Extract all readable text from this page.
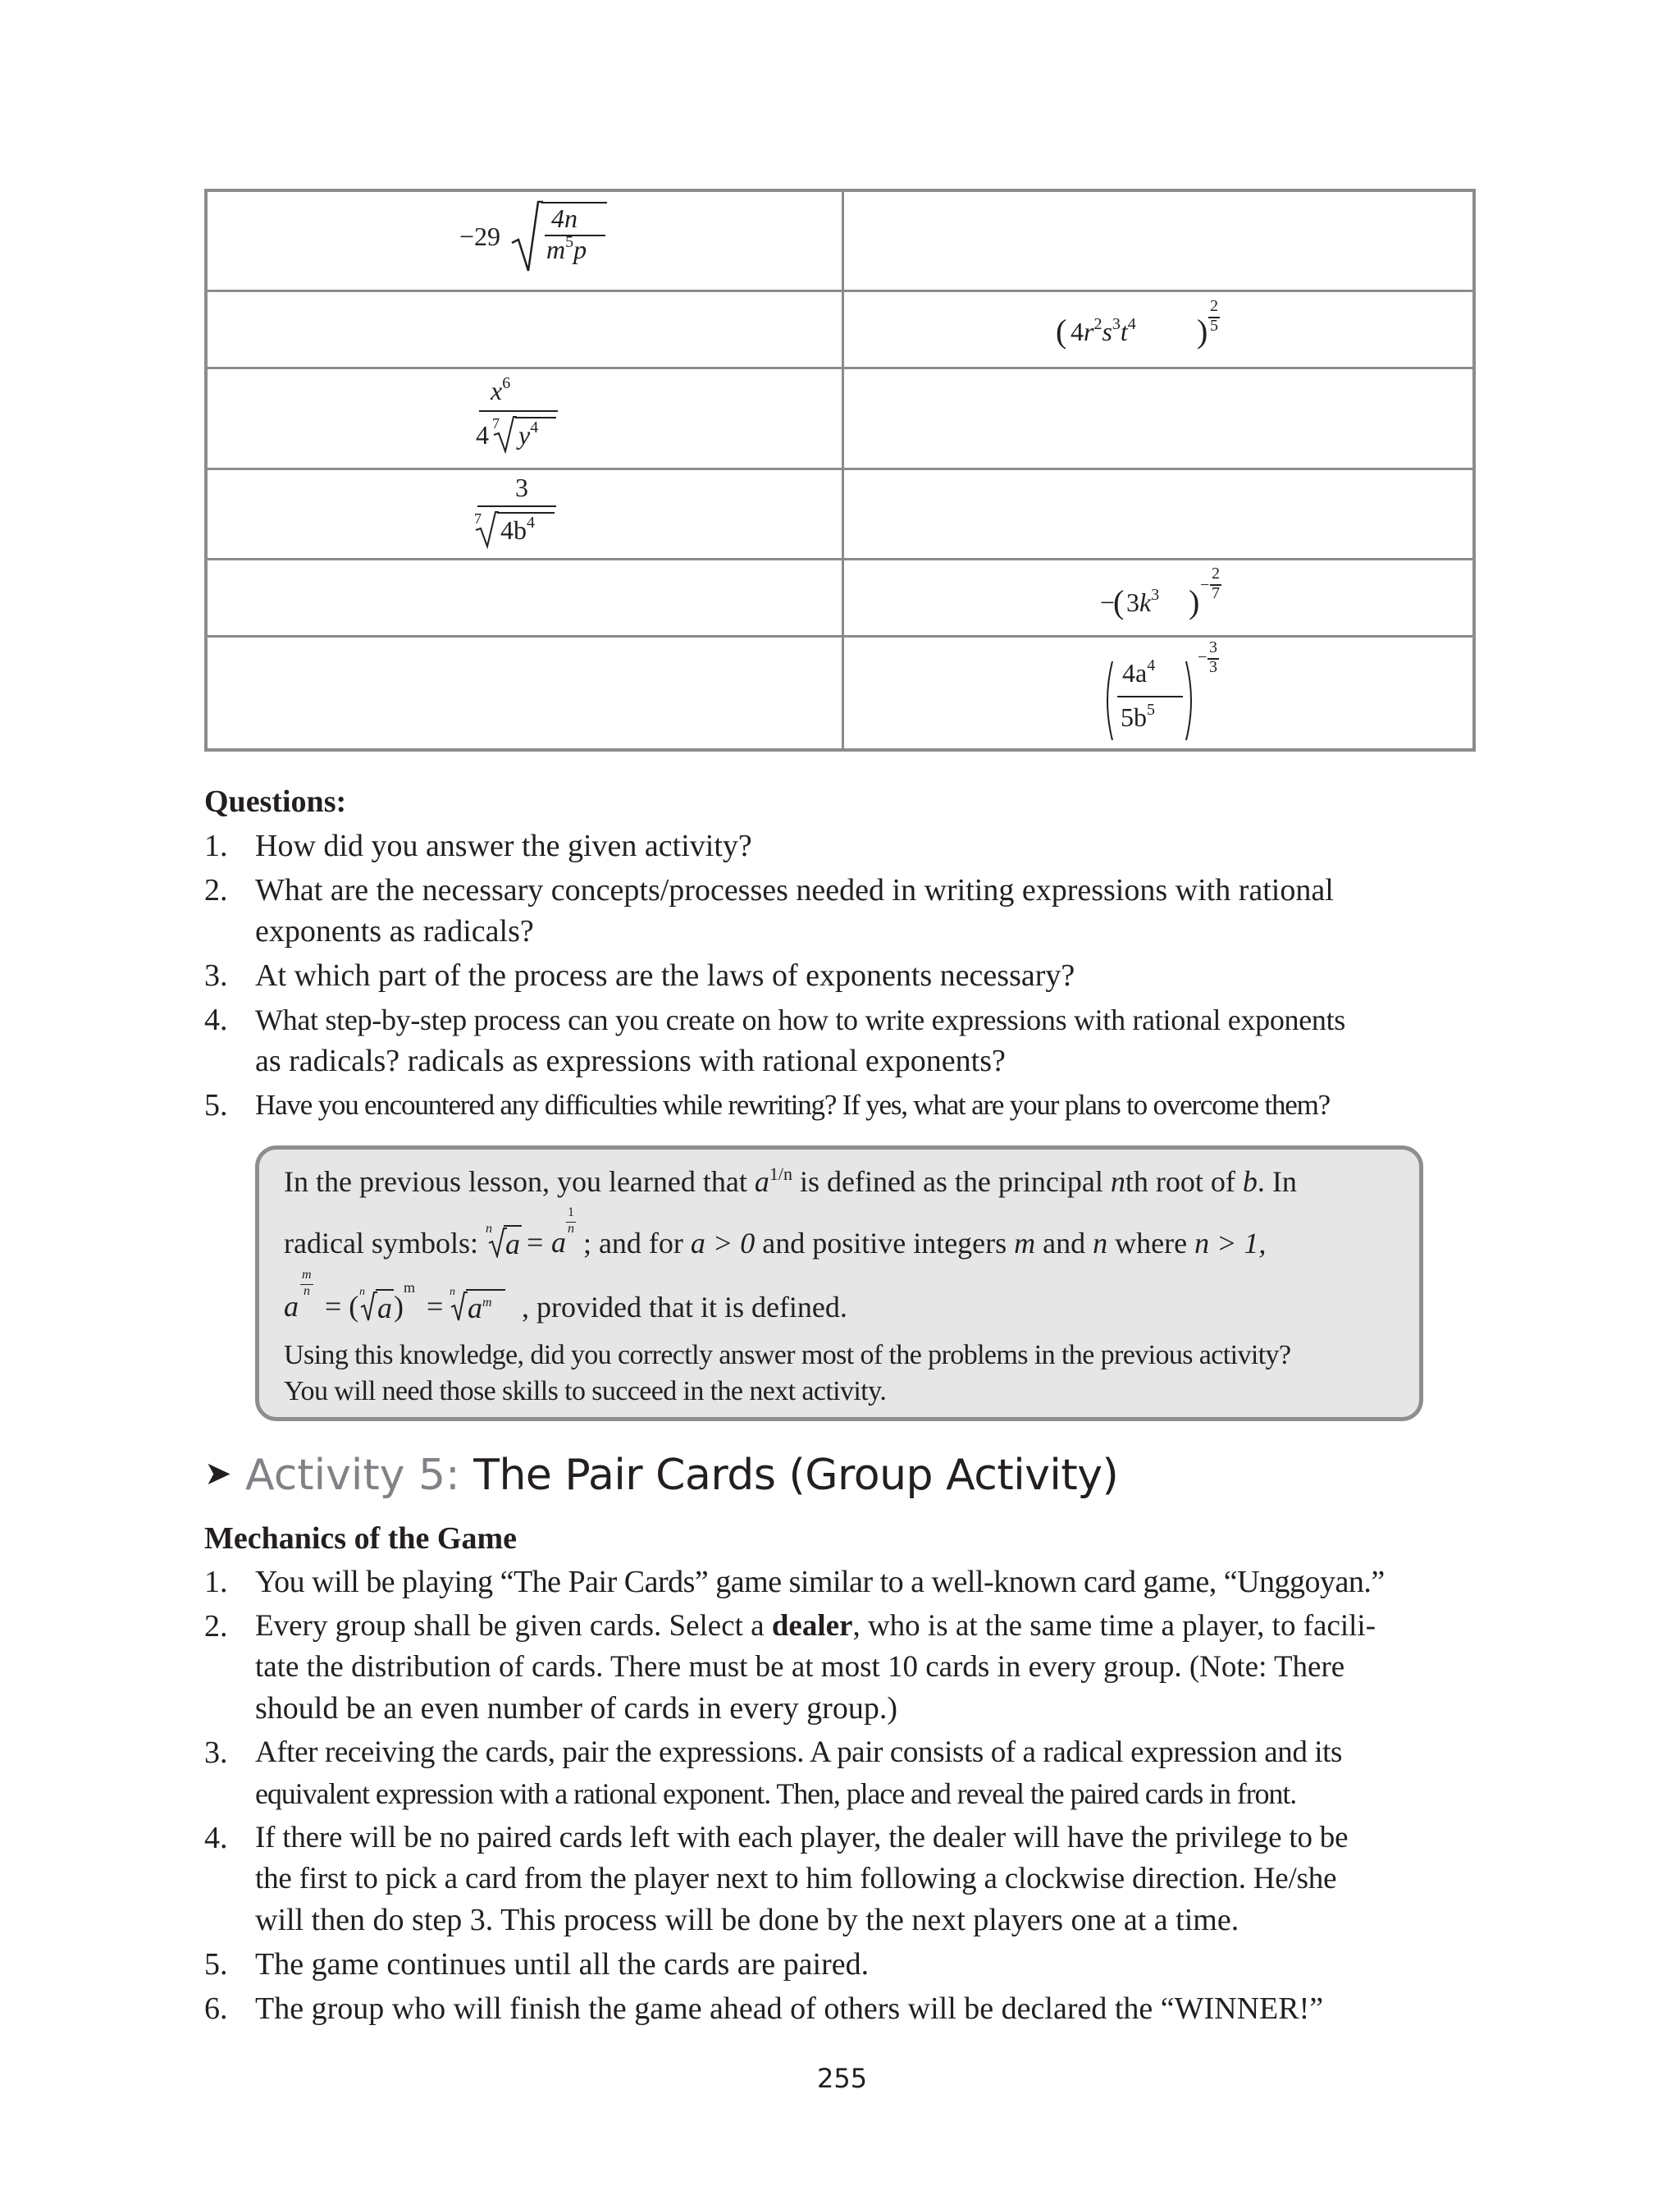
−29
4n
$m^5p$
( $4r^2s^3t^4$ )
2
5
$x^6$
4 7 $y^4$
3
7 $4b^4$
−
( $3k^3$ ) −
2
7
$4a^4$
$5b^5$
−
3
3
Questions:
1. How did you answer the given activity?
2. What are the necessary concepts/processes needed in writing expressions with rational
exponents as radicals?
3. At which part of the process are the laws of exponents necessary?
4. What step-by-step process can you create on how to write expressions with rational exponents
as radicals? radicals as expressions with rational exponents?
5. Have you encountered any difficulties while rewriting? If yes, what are your plans to overcome them?
In the previous lesson, you learned that $a^{1/n}$ is defined as the principal nth root of b. In
radical symbols: n a = a
1
n ; and for a > 0 and positive integers m and n where n > 1,
a
m
n = ( n a )
m
= n $a^m$	, provided that it is defined.
Using this knowledge, did you correctly answer most of the problems in the previous activity?
You will need those skills to succeed in the next activity.
➤ Activity 5: The Pair Cards (Group Activity)
Mechanics of the Game
1. You will be playing “The Pair Cards” game similar to a well-known card game, “Unggoyan.”
2. Every group shall be given cards. Select a dealer, who is at the same time a player, to facili-
tate the distribution of cards. There must be at most 10 cards in every group. (Note: There
should be an even number of cards in every group.)
3. After receiving the cards, pair the expressions. A pair consists of a radical expression and its
equivalent expression with a rational exponent. Then, place and reveal the paired cards in front.
4. If there will be no paired cards left with each player, the dealer will have the privilege to be
the first to pick a card from the player next to him following a clockwise direction. He/she
will then do step 3. This process will be done by the next players one at a time.
5. The game continues until all the cards are paired.
6. The group who will finish the game ahead of others will be declared the “WINNER!”
255
